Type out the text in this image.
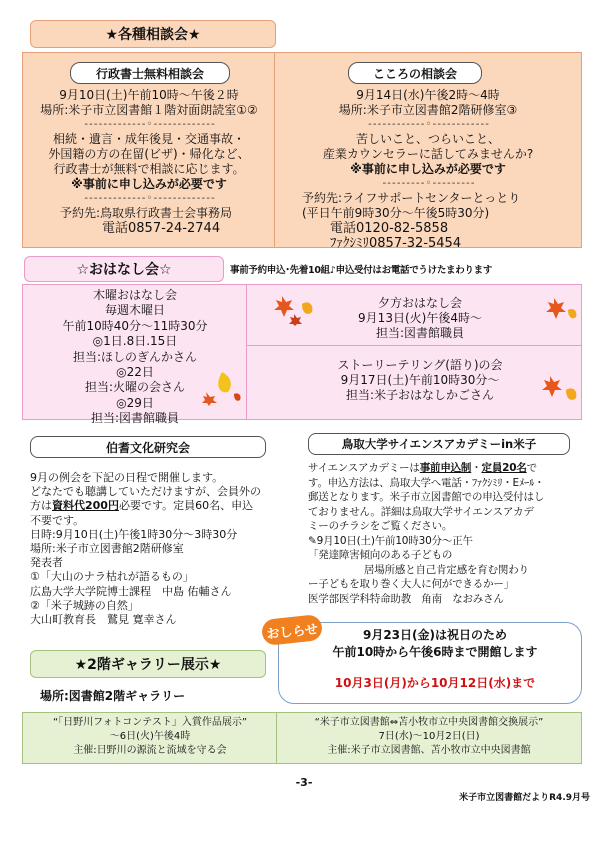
★各種相談会★
行政書士無料相談会
9月10日(土)午前10時〜午後２時
場所:米子市立図書館１階対面朗読室①②
- - - - - - - - - - - - - ◦ - - - - - - - - - - - - -
相続・遺言・成年後見・交通事故・
外国籍の方の在留(ビザ)・帰化など、
行政書士が無料で相談に応じます。
※事前に申し込みが必要です
- - - - - - - - - - - - - ◦ - - - - - - - - - - - - -
予約先:鳥取県行政書士会事務局
電話0857-24-2744
こころの相談会
9月14日(水)午後2時〜4時
場所:米子市立図書館2階研修室③
- - - - - - - - - - - - ◦ - - - - - - - - - - - -
苦しいこと、つらいこと、
産業カウンセラーに話してみませんか?
※事前に申し込みが必要です
- - - - - - - - - ◦ - - - - - - - - -
予約先:ライフサポートセンターとっとり
(平日午前9時30分〜午後5時30分)
電話0120-82-5858
ﾌｧｸｼﾐﾘ0857-32-5454
☆おはなし会☆	事前予約申込･先着10組♪申込受付はお電話でうけたまわります
木曜おはなし会
毎週木曜日
午前10時40分〜11時30分
◎1日.8日.15日
担当:ほしのぎんかさん
◎22日
担当:火曜の会さん
◎29日
担当:図書館職員
夕方おはなし会
9月13日(火)午後4時〜
担当:図書館職員
ストーリーテリング(語り)の会
9月17日(土)午前10時30分〜
担当:米子おはなしかごさん
伯耆文化研究会
9月の例会を下記の日程で開催します。
どなたでも聴講していただけますが、会員外の
方は資料代200円必要です。定員60名、申込
不要です。
日時:9月10日(土)午後1時30分〜3時30分
場所:米子市立図書館2階研修室
発表者
①「大山のナラ枯れが語るもの」
広島大学大学院博士課程　中島 佑輔さん
②「米子城跡の自然」
大山町教育長　鷲見 寛幸さん
鳥取大学サイエンスアカデミーin米子
サイエンスアカデミーは事前申込制・定員20名で
す。申込方法は、鳥取大学へ電話・ﾌｧｸｼﾐﾘ・Eﾒｰﾙ・
郵送となります。米子市立図書館での申込受付はし
ておりません。詳細は鳥取大学サイエンスアカデ
ミーのチラシをご覧ください。
✎9月10日(土)午前10時30分〜正午
「発達障害傾向のある子どもの
居場所感と自己肯定感を育む関わり
ー子どもを取り巻く大人に何ができるかー」
医学部医学科特命助教　角南　なおみさん
おしらせ	9月23日(金)は祝日のため
午前10時から午後6時まで開館します
10月3日(月)から10月12日(水)まで
★2階ギャラリー展示★
場所:図書館2階ギャラリー
“「日野川フォトコンテスト」入賞作品展示”
〜6日(火)午後4時
主催:日野川の源流と流域を守る会
“米子市立図書館⇔苫小牧市立中央図書館交換展示”
7日(水)〜10月2日(日)
主催:米子市立図書館、苫小牧市立中央図書館
-3-
米子市立図書館だよりR4.9月号
